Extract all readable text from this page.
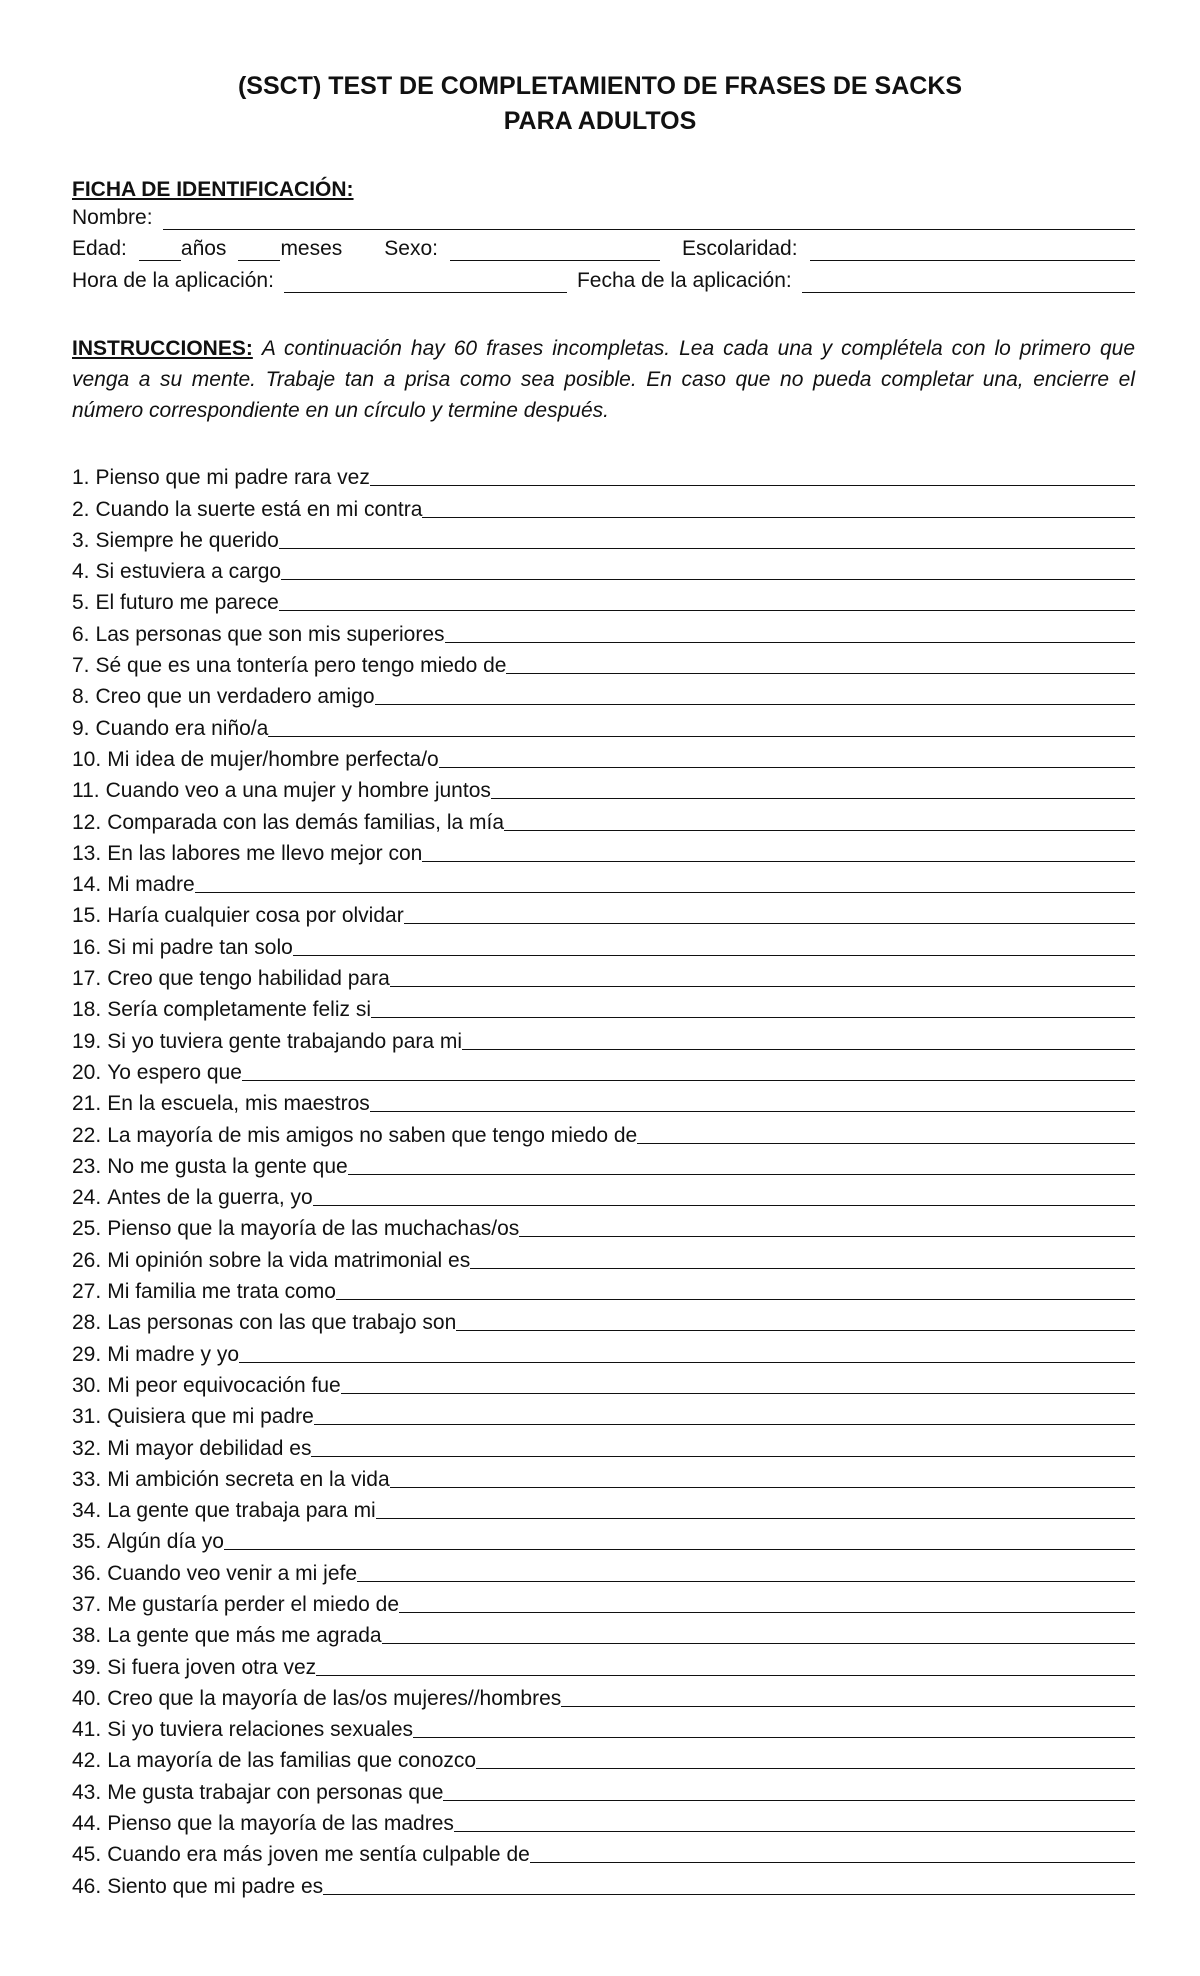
(SSCT) TEST DE COMPLETAMIENTO DE FRASES DE SACKS
PARA ADULTOS
FICHA DE IDENTIFICACIÓN:
Nombre:
Edad:	años	meses Sexo:	Escolaridad:
Hora de la aplicación:	Fecha de la aplicación:
INSTRUCCIONES: A continuación hay 60 frases incompletas. Lea cada una y complétela con lo primero que venga a su mente. Trabaje tan a prisa como sea posible. En caso que no pueda completar una, encierre el número correspondiente en un círculo y termine después.
1. Pienso que mi padre rara vez
2. Cuando la suerte está en mi contra
3. Siempre he querido
4. Si estuviera a cargo
5. El futuro me parece
6. Las personas que son mis superiores
7. Sé que es una tontería pero tengo miedo de
8. Creo que un verdadero amigo
9. Cuando era niño/a
10. Mi idea de mujer/hombre perfecta/o
11. Cuando veo a una mujer y hombre juntos
12. Comparada con las demás familias, la mía
13. En las labores me llevo mejor con
14. Mi madre
15. Haría cualquier cosa por olvidar
16. Si mi padre tan solo
17. Creo que tengo habilidad para
18. Sería completamente feliz si
19. Si yo tuviera gente trabajando para mi
20. Yo espero que
21. En la escuela, mis maestros
22. La mayoría de mis amigos no saben que tengo miedo de
23. No me gusta la gente que
24. Antes de la guerra, yo
25. Pienso que la mayoría de las muchachas/os
26. Mi opinión sobre la vida matrimonial es
27. Mi familia me trata como
28. Las personas con las que trabajo son
29. Mi madre y yo
30. Mi peor equivocación fue
31. Quisiera que mi padre
32. Mi mayor debilidad es
33. Mi ambición secreta en la vida
34. La gente que trabaja para mi
35. Algún día yo
36. Cuando veo venir a mi jefe
37. Me gustaría perder el miedo de
38. La gente que más me agrada
39. Si fuera joven otra vez
40. Creo que la mayoría de las/os mujeres//hombres
41. Si yo tuviera relaciones sexuales
42. La mayoría de las familias que conozco
43. Me gusta trabajar con personas que
44. Pienso que la mayoría de las madres
45. Cuando era más joven me sentía culpable de
46. Siento que mi padre es
